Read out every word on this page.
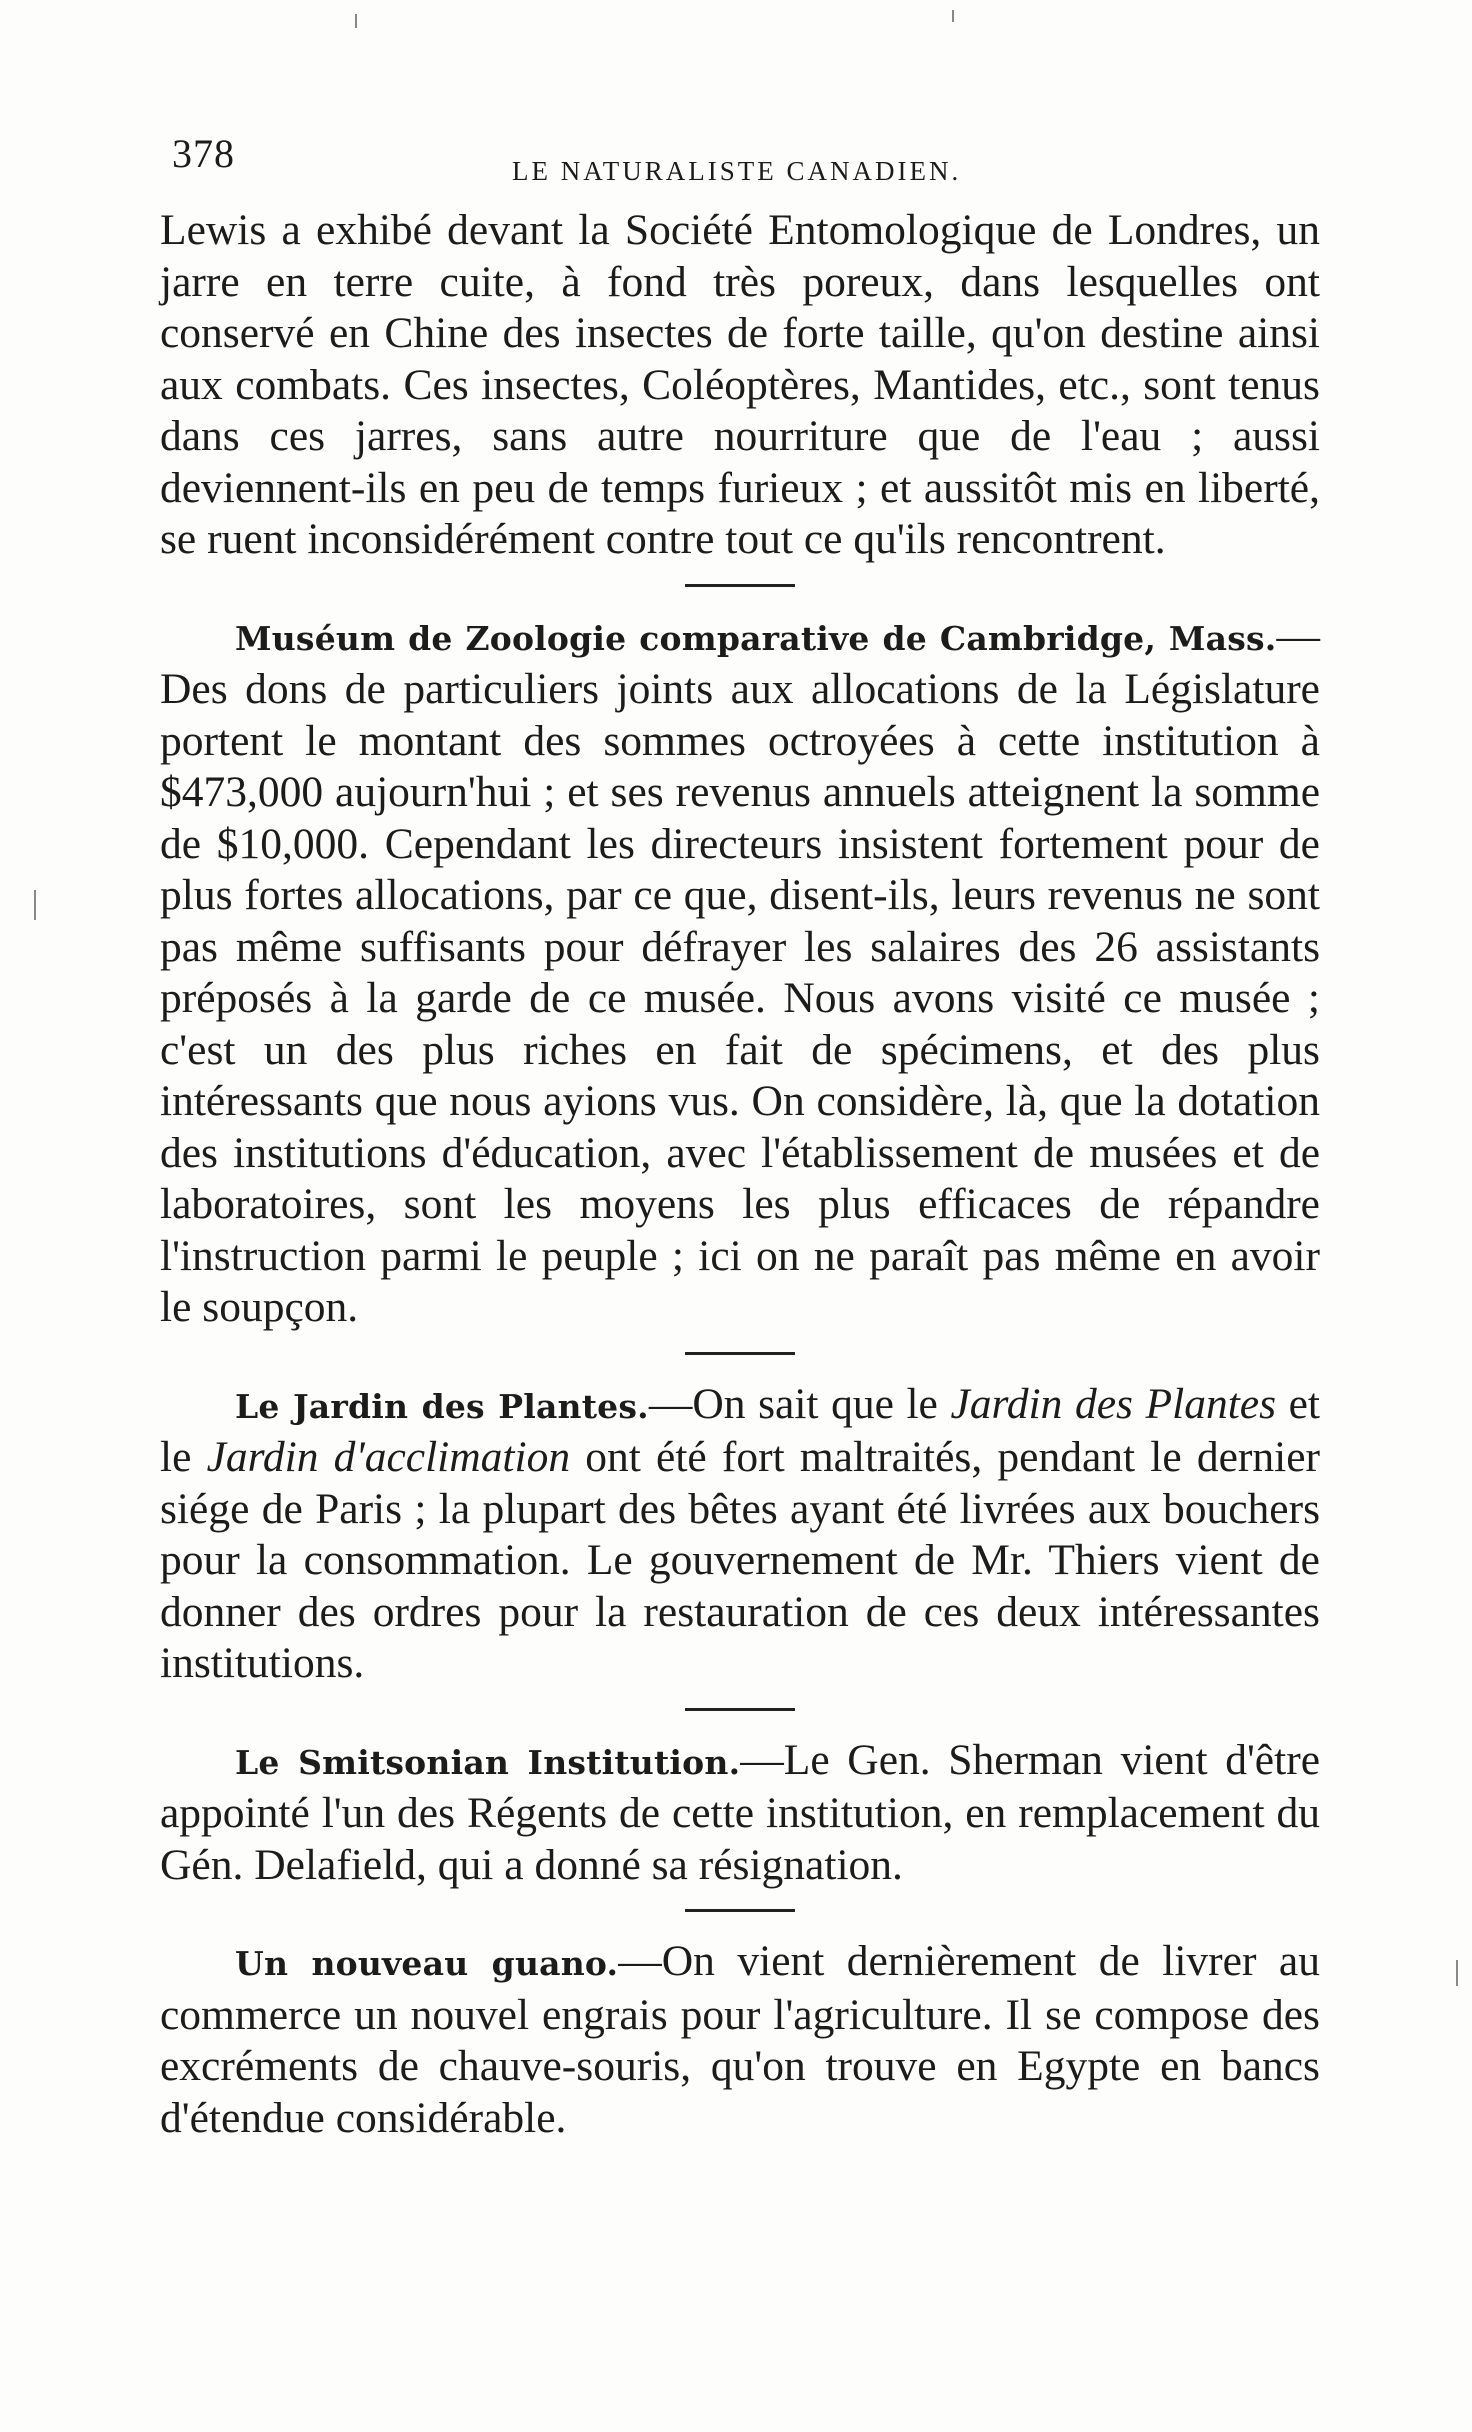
378	LE NATURALISTE CANADIEN.

Lewis a exhibé devant la Société Entomologique de Londres, un jarre en terre cuite, à fond très poreux, dans lesquelles ont conservé en Chine des insectes de forte taille, qu'on destine ainsi aux combats. Ces insectes, Coléoptères, Mantides, etc., sont tenus dans ces jarres, sans autre nourriture que de l'eau ; aussi deviennent-ils en peu de temps furieux ; et aussitôt mis en liberté, se ruent inconsidérément contre tout ce qu'ils rencontrent.

Muséum de Zoologie comparative de Cambridge, Mass.— Des dons de particuliers joints aux allocations de la Législature portent le montant des sommes octroyées à cette institution à $473,000 aujourn'hui ; et ses revenus annuels atteignent la somme de $10,000. Cependant les directeurs insistent fortement pour de plus fortes allocations, par ce que, disent-ils, leurs revenus ne sont pas même suffisants pour défrayer les salaires des 26 assistants préposés à la garde de ce musée. Nous avons visité ce musée ; c'est un des plus riches en fait de spécimens, et des plus intéressants que nous ayions vus. On considère, là, que la dotation des institutions d'éducation, avec l'établissement de musées et de laboratoires, sont les moyens les plus efficaces de répandre l'instruction parmi le peuple ; ici on ne paraît pas même en avoir le soupçon.

Le Jardin des Plantes.—On sait que le Jardin des Plantes et le Jardin d'acclimation ont été fort maltraités, pendant le dernier siége de Paris ; la plupart des bêtes ayant été livrées aux bouchers pour la consommation. Le gouvernement de Mr. Thiers vient de donner des ordres pour la restauration de ces deux intéressantes institutions.

Le Smitsonian Institution.—Le Gen. Sherman vient d'être appointé l'un des Régents de cette institution, en remplacement du Gén. Delafield, qui a donné sa résignation.

Un nouveau guano.—On vient dernièrement de livrer au commerce un nouvel engrais pour l'agriculture. Il se compose des excréments de chauve-souris, qu'on trouve en Egypte en bancs d'étendue considérable.
